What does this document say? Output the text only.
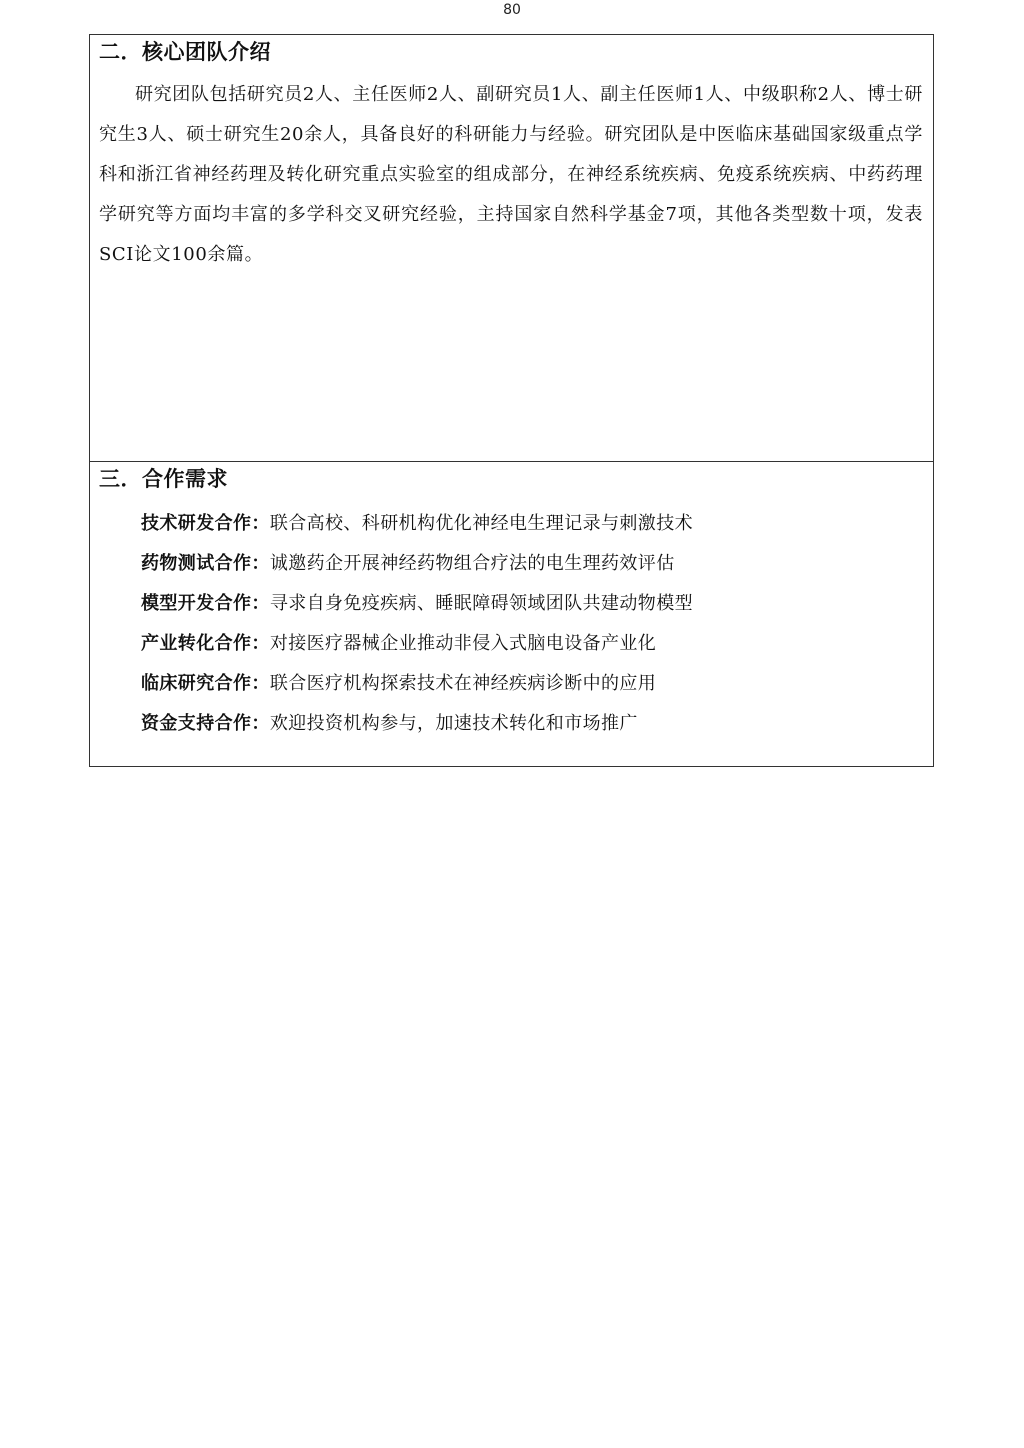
80
二．核心团队介绍

研究团队包括研究员2人、主任医师2人、副研究员1人、副主任医师1人、中级职称2人、博士研究生3人、硕士研究生20余人，具备良好的科研能力与经验。研究团队是中医临床基础国家级重点学科和浙江省神经药理及转化研究重点实验室的组成部分，在神经系统疾病、免疫系统疾病、中药药理学研究等方面均丰富的多学科交叉研究经验，主持国家自然科学基金7项，其他各类型数十项，发表SCI论文100余篇。

三．合作需求
技术研发合作：联合高校、科研机构优化神经电生理记录与刺激技术
药物测试合作：诚邀药企开展神经药物组合疗法的电生理药效评估
模型开发合作：寻求自身免疫疾病、睡眠障碍领域团队共建动物模型
产业转化合作：对接医疗器械企业推动非侵入式脑电设备产业化
临床研究合作：联合医疗机构探索技术在神经疾病诊断中的应用
资金支持合作：欢迎投资机构参与，加速技术转化和市场推广
